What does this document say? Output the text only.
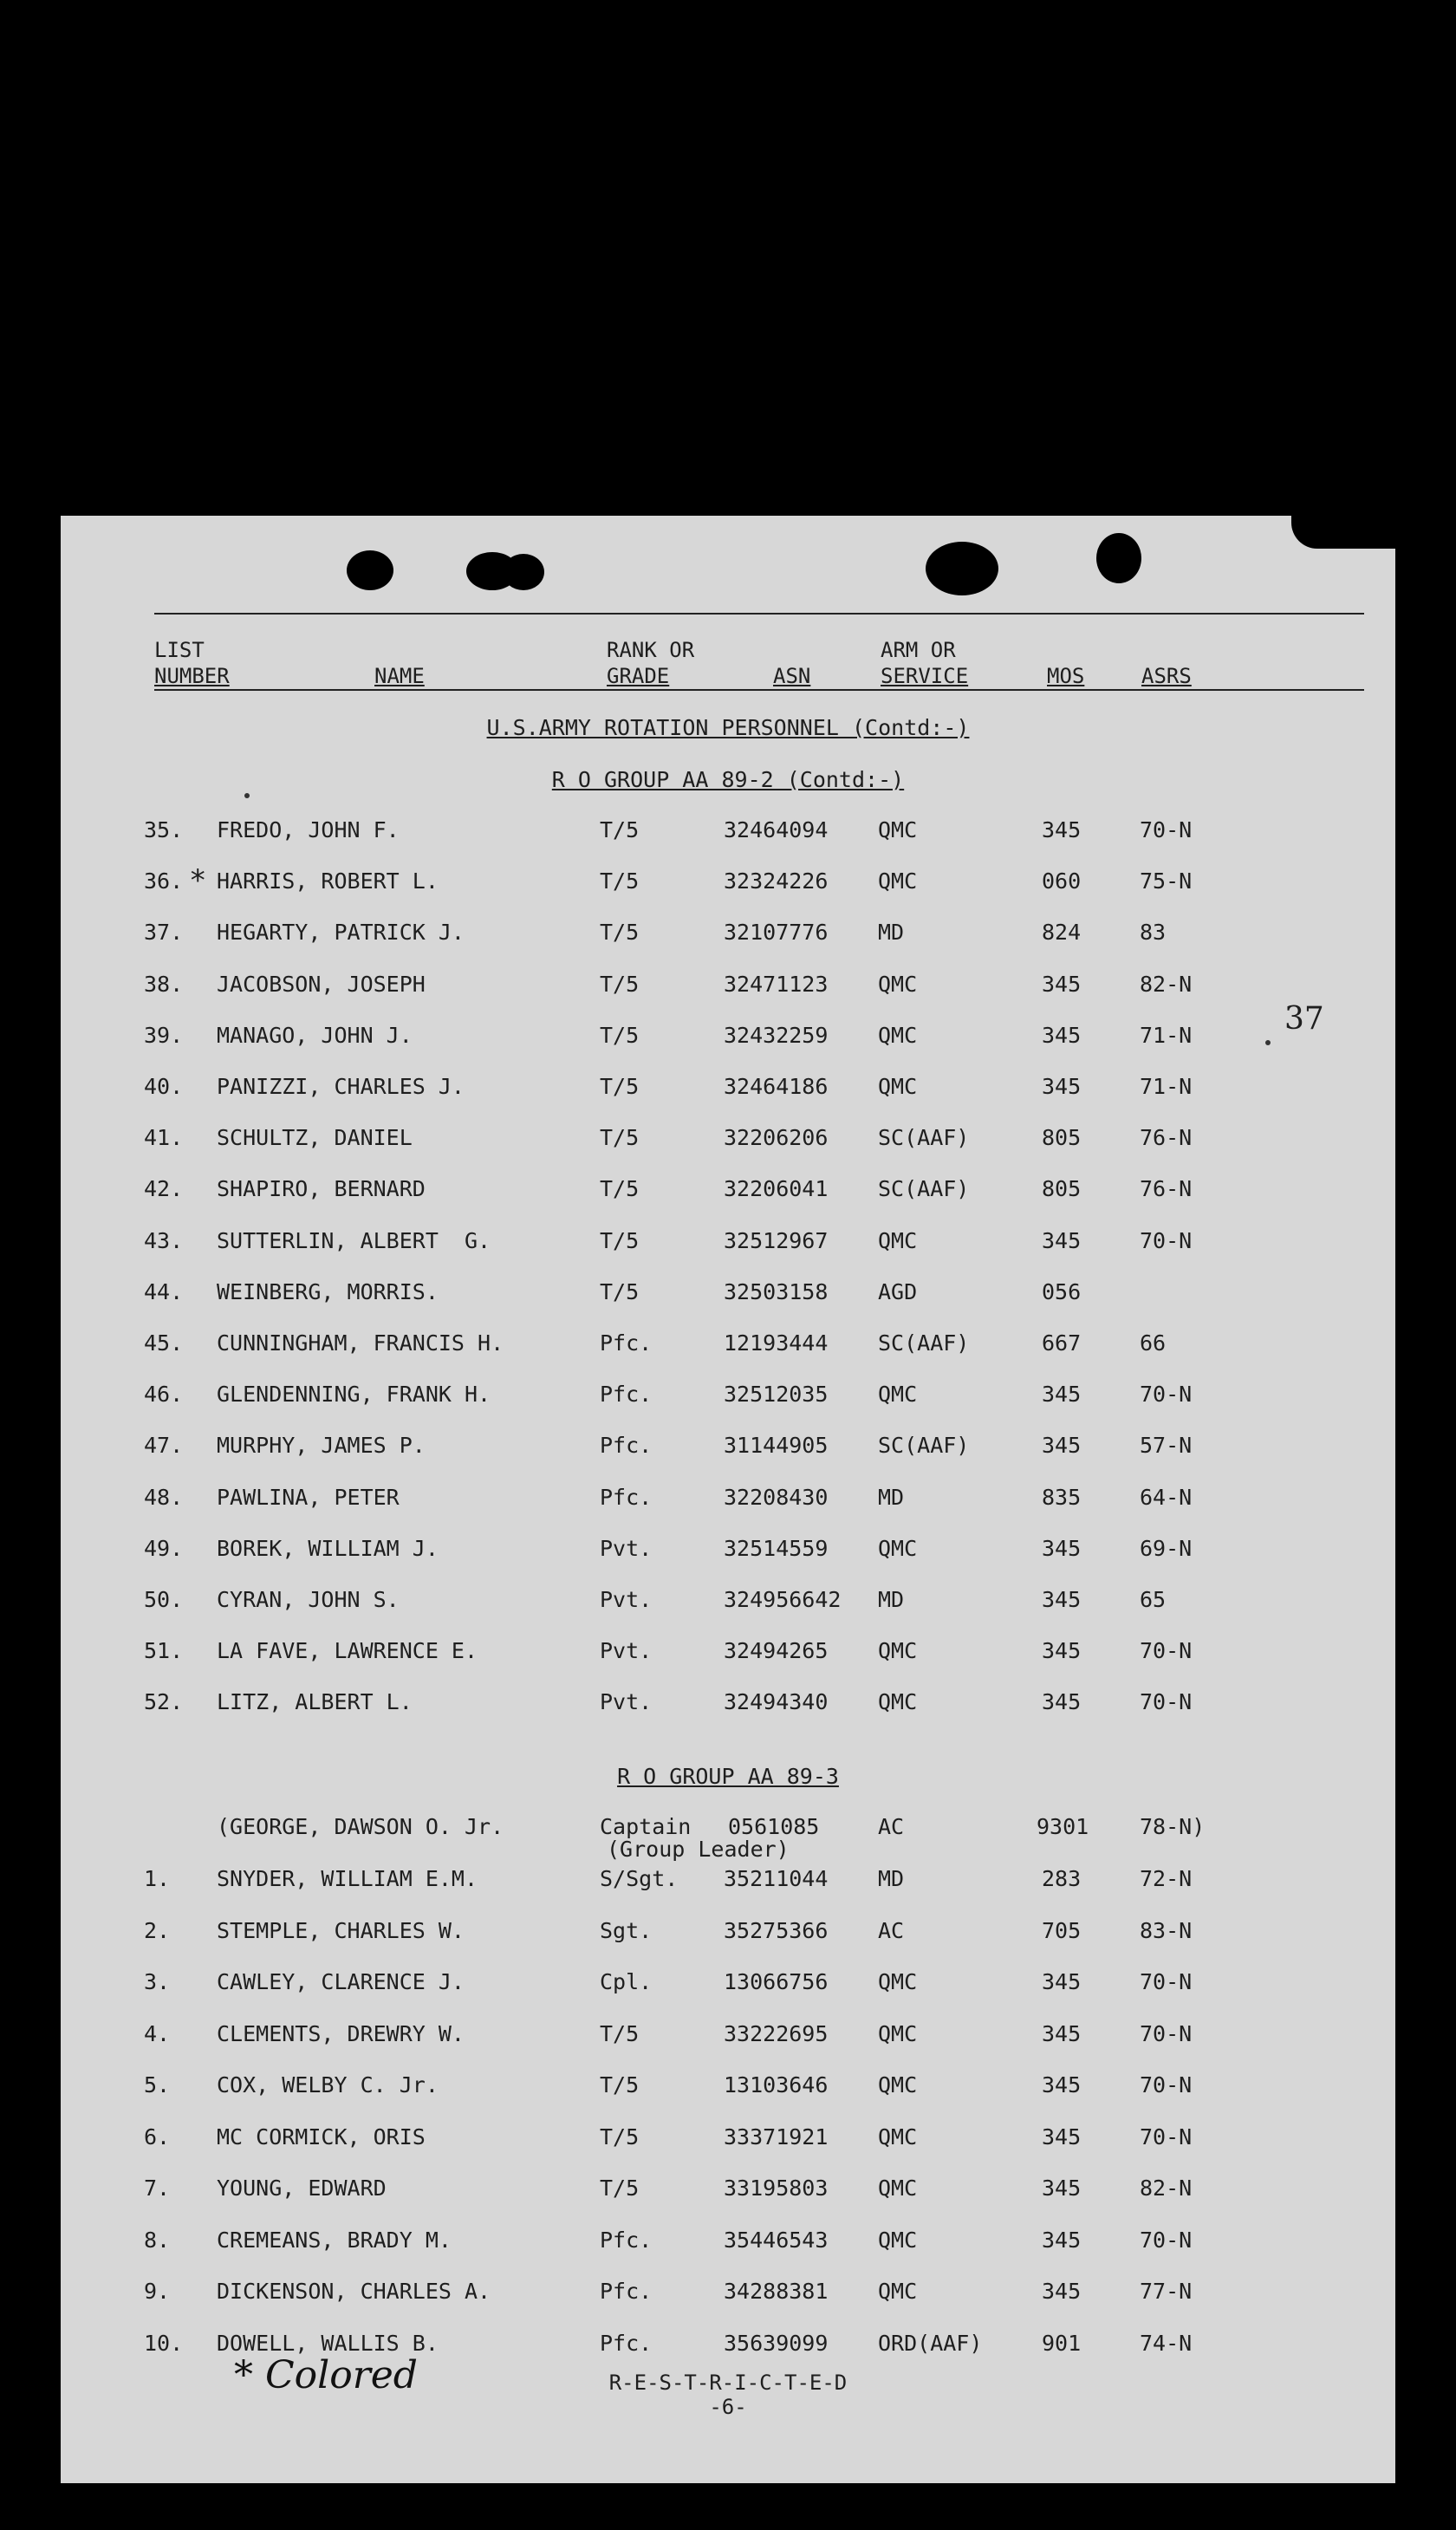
LIST
NUMBER	NAME
RANK OR
GRADE	ASN
ARM OR
SERVICE	MOS	ASRS
U.S.ARMY ROTATION PERSONNEL (Contd:-)
R O GROUP AA 89-2 (Contd:-)
35. FREDO, JOHN F.	T/5	32464094 QMC	345	70-N
36. HARRIS, ROBERT L.	T/5	32324226 QMC	060	75-N
*
37. HEGARTY, PATRICK J.	T/5	32107776 MD	824	83
38. JACOBSON, JOSEPH	T/5	32471123 QMC	345	82-N
39. MANAGO, JOHN J.	T/5	32432259 QMC	345	71-N
40. PANIZZI, CHARLES J.	T/5	32464186 QMC	345	71-N
41. SCHULTZ, DANIEL	T/5	32206206 SC(AAF)	805	76-N
42. SHAPIRO, BERNARD	T/5	32206041 SC(AAF)	805	76-N
43. SUTTERLIN, ALBERT  G.	T/5	32512967 QMC	345	70-N
44. WEINBERG, MORRIS.	T/5	32503158 AGD	056
45. CUNNINGHAM, FRANCIS H.	Pfc.	12193444 SC(AAF)	667	66
46. GLENDENNING, FRANK H.	Pfc.	32512035 QMC	345	70-N
47. MURPHY, JAMES P.	Pfc.	31144905 SC(AAF)	345	57-N
48. PAWLINA, PETER	Pfc.	32208430 MD	835	64-N
49. BOREK, WILLIAM J.	Pvt.	32514559 QMC	345	69-N
50. CYRAN, JOHN S.	Pvt.	324956642 MD	345	65
51. LA FAVE, LAWRENCE E.	Pvt.	32494265 QMC	345	70-N
52. LITZ, ALBERT L.	Pvt.	32494340 QMC	345	70-N
R O GROUP AA 89-3
(GEORGE, DAWSON O. Jr.	Captain 0561085	AC	9301 78-N)
(Group Leader)
1. SNYDER, WILLIAM E.M.	S/Sgt. 35211044 MD	283	72-N
2. STEMPLE, CHARLES W.	Sgt.	35275366 AC	705	83-N
3. CAWLEY, CLARENCE J.	Cpl.	13066756 QMC	345	70-N
4. CLEMENTS, DREWRY W.	T/5	33222695 QMC	345	70-N
5. COX, WELBY C. Jr.	T/5	13103646 QMC	345	70-N
6. MC CORMICK, ORIS	T/5	33371921 QMC	345	70-N
7. YOUNG, EDWARD	T/5	33195803 QMC	345	82-N
8. CREMEANS, BRADY M.	Pfc.	35446543 QMC	345	70-N
9. DICKENSON, CHARLES A.	Pfc.	34288381 QMC	345	77-N
10. DOWELL, WALLIS B.	Pfc.	35639099 ORD(AAF)	901	74-N
37
* Colored	R-E-S-T-R-I-C-T-E-D
-6-
